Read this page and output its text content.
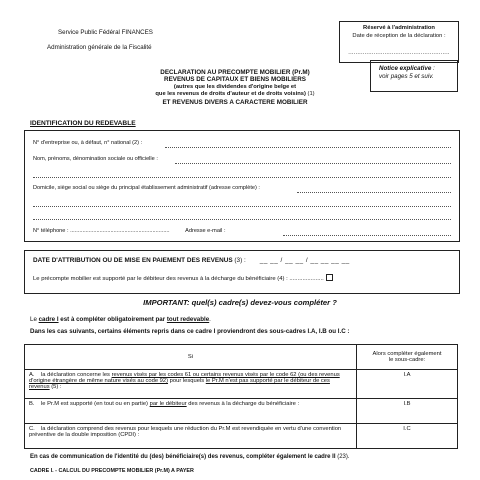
Service Public Fédéral FINANCES
Administration générale de la Fiscalité
Réservé à l'administration
Date de réception de la déclaration :
........................................................
Notice explicative :
voir pages 5 et suiv.
DECLARATION AU PRECOMPTE MOBILIER (Pr.M)
REVENUS DE CAPITAUX ET BIENS MOBILIERS
(autres que les dividendes d'origine belge et
que les revenus de droits d'auteur et de droits voisins) (1)
ET REVENUS DIVERS A CARACTERE MOBILIER
IDENTIFICATION DU REDEVABLE
N° d'entreprise ou, à défaut, n° national (2) :
Nom, prénoms, dénomination sociale ou officielle :
Domicile, siège social ou siège du principal établissement administratif (adresse complète) :
N° téléphone : ................................................................	Adresse e-mail :
DATE D'ATTRIBUTION OU DE MISE EN PAIEMENT DES REVENUS (3) : __ __ / __ __ / __ __ __ __
Le précompte mobilier est supporté par le débiteur des revenus à la décharge du bénéficiaire (4) : .....................
IMPORTANT: quel(s) cadre(s) devez-vous compléter ?
Le cadre I est à compléter obligatoirement par tout redevable.
Dans les cas suivants, certains éléments repris dans ce cadre I proviendront des sous-cadres I.A, I.B ou I.C :
Si	Alors compléter également
le sous-cadre:

A. la déclaration concerne les revenus visés par les codes 61 ou certains revenus visés par le code 62 (ou des revenus d'origine étrangère de même nature visés au code 92) pour lesquels le Pr.M n'est pas supporté par le débiteur de ces revenus (5) :	I.A
B. le Pr.M est supporté (en tout ou en partie) par le débiteur des revenus à la décharge du bénéficiaire :	I.B
C. la déclaration comprend des revenus pour lesquels une réduction du Pr.M est revendiquée en vertu d'une convention préventive de la double imposition (CPDI) :	I.C
En cas de communication de l'identité du (des) bénéficiaire(s) des revenus, compléter également le cadre II (23).
CADRE I. - CALCUL DU PRECOMPTE MOBILIER (Pr.M) A PAYER
